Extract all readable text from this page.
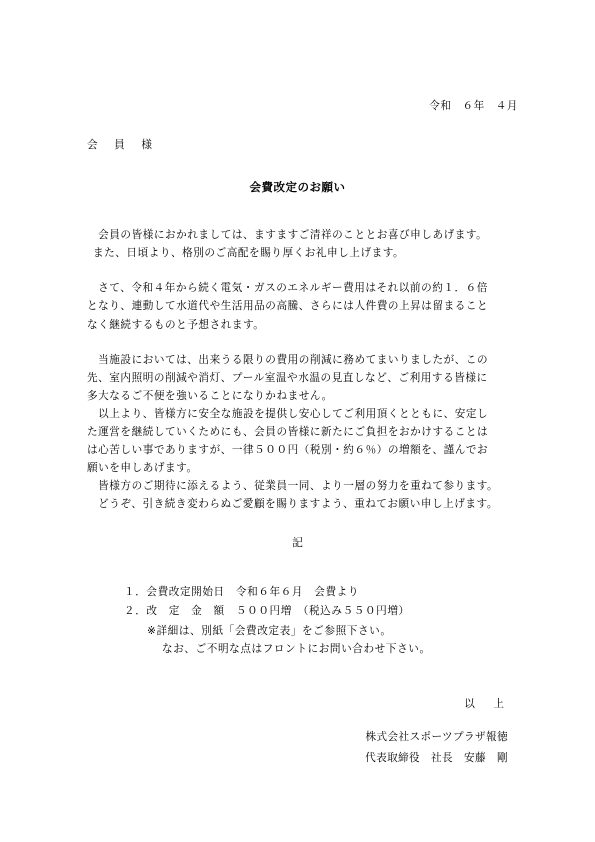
令和　６年　４月
会　員　様
会費改定のお願い
　会員の皆様におかれましては、ますますご清祥のこととお喜び申しあげます。
また、日頃より、格別のご高配を賜り厚くお礼申し上げます。
　さて、令和４年から続く電気・ガスのエネルギー費用はそれ以前の約１．６倍
となり、連動して水道代や生活用品の高騰、さらには人件費の上昇は留まること
なく継続するものと予想されます。
　当施設においては、出来うる限りの費用の削減に務めてまいりましたが、この
先、室内照明の削減や消灯、プール室温や水温の見直しなど、ご利用する皆様に
多大なるご不便を強いることになりかねません。
　以上より、皆様方に安全な施設を提供し安心してご利用頂くとともに、安定し
た運営を継続していくためにも、会員の皆様に新たにご負担をおかけすることは
は心苦しい事でありますが、一律５００円（税別・約６％）の増額を、謹んでお
願いを申しあげます。
　皆様方のご期待に添えるよう、従業員一同、より一層の努力を重ねて参ります。
　どうぞ、引き続き変わらぬご愛顧を賜りますよう、重ねてお願い申し上げます。
記
１．会費改定開始日　令和６年６月　会費より
２．改　定　金　額　５００円増　（税込み５５０円増）
※詳細は、別紙「会費改定表」をご参照下さい。
なお、ご不明な点はフロントにお問い合わせ下さい。
以　上
株式会社スポーツプラザ報徳
代表取締役　社長　安藤　剛
